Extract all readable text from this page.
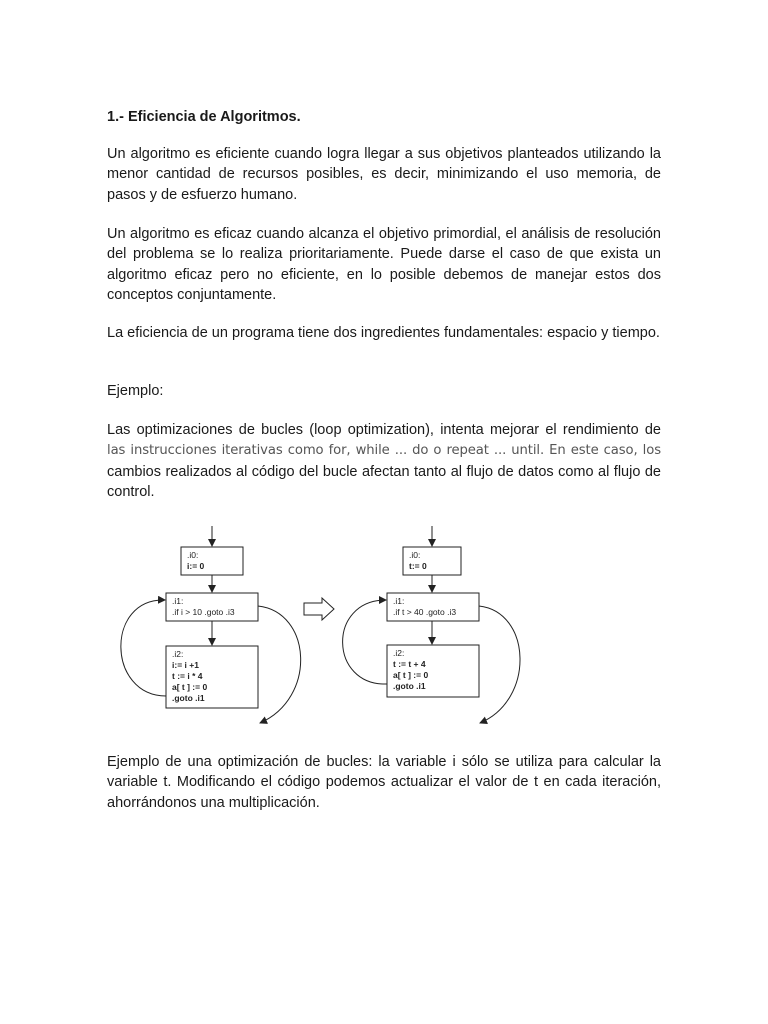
1.- Eficiencia de Algoritmos.

Un algoritmo es eficiente cuando logra llegar a sus objetivos planteados utilizando la menor cantidad de recursos posibles, es decir, minimizando el uso memoria, de pasos y de esfuerzo humano.

Un algoritmo es eficaz cuando alcanza el objetivo primordial, el análisis de resolución del problema se lo realiza prioritariamente. Puede darse el caso de que exista un algoritmo eficaz pero no eficiente, en lo posible debemos de manejar estos dos conceptos conjuntamente.

La eficiencia de un programa tiene dos ingredientes fundamentales: espacio y tiempo.

Ejemplo:

Las optimizaciones de bucles (loop optimization), intenta mejorar el rendimiento de las instrucciones iterativas como for, while ... do o repeat ... until. En este caso, los cambios realizados al código del bucle afectan tanto al flujo de datos como al flujo de control.

Ejemplo de una optimización de bucles: la variable i sólo se utiliza para calcular la variable t. Modificando el código podemos actualizar el valor de t en cada iteración, ahorrándonos una multiplicación.

.i0:
i:= 0
.i1:
.if i > 10 .goto .i3
.i2:
i:= i +1
t := i * 4
a[ t ] := 0
.goto .i1
.i0:
t:= 0
.i1:
.if t > 40 .goto .i3
.i2:
t := t + 4
a[ t ] := 0
.goto .i1
